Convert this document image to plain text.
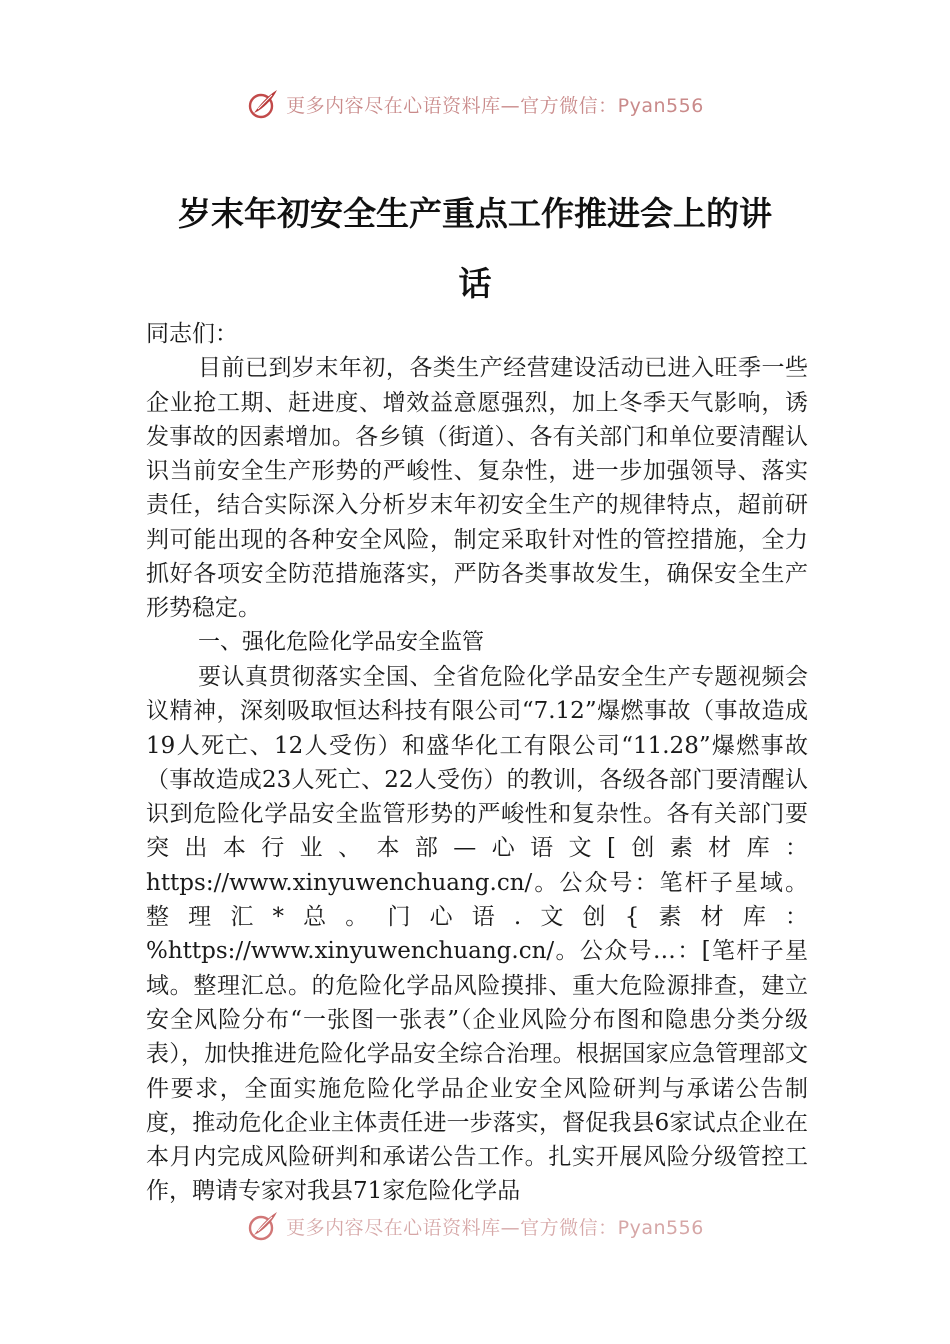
更多内容尽在心语资料库—官方微信：Pyan556
岁末年初安全生产重点工作推进会上的讲
话

同志们：

目前已到岁末年初，各类生产经营建设活动已进入旺季一些企业抢工期、赶进度、增效益意愿强烈，加上冬季天气影响，诱发事故的因素增加。各乡镇（街道）、各有关部门和单位要清醒认识当前安全生产形势的严峻性、复杂性，进一步加强领导、落实责任，结合实际深入分析岁末年初安全生产的规律特点，超前研判可能出现的各种安全风险，制定采取针对性的管控措施，全力抓好各项安全防范措施落实，严防各类事故发生，确保安全生产形势稳定。

一、强化危险化学品安全监管

要认真贯彻落实全国、全省危险化学品安全生产专题视频会议精神，深刻吸取恒达科技有限公司“7.12”爆燃事故（事故造成19人死亡、12人受伤）和盛华化工有限公司“11.28”爆燃事故（事故造成23人死亡、22人受伤）的教训，各级各部门要清醒认识到危险化学品安全监管形势的严峻性和复杂性。各有关部门要突出本行业、本部—心语文[创素材库：https://www.xinyuwenchuang.cn/。公众号：笔杆子星域。整理汇*总。门心语.文创{素材库：%https://www.xinyuwenchuang.cn/。公众号…：[笔杆子星域。整理汇总。的危险化学品风险摸排、重大危险源排查，建立安全风险分布“一张图一张表”（企业风险分布图和隐患分类分级表），加快推进危险化学品安全综合治理。根据国家应急管理部文件要求，全面实施危险化学品企业安全风险研判与承诺公告制度，推动危化企业主体责任进一步落实，督促我县6家试点企业在本月内完成风险研判和承诺公告工作。扎实开展风险分级管控工作，聘请专家对我县71家危险化学品

更多内容尽在心语资料库—官方微信：Pyan556
